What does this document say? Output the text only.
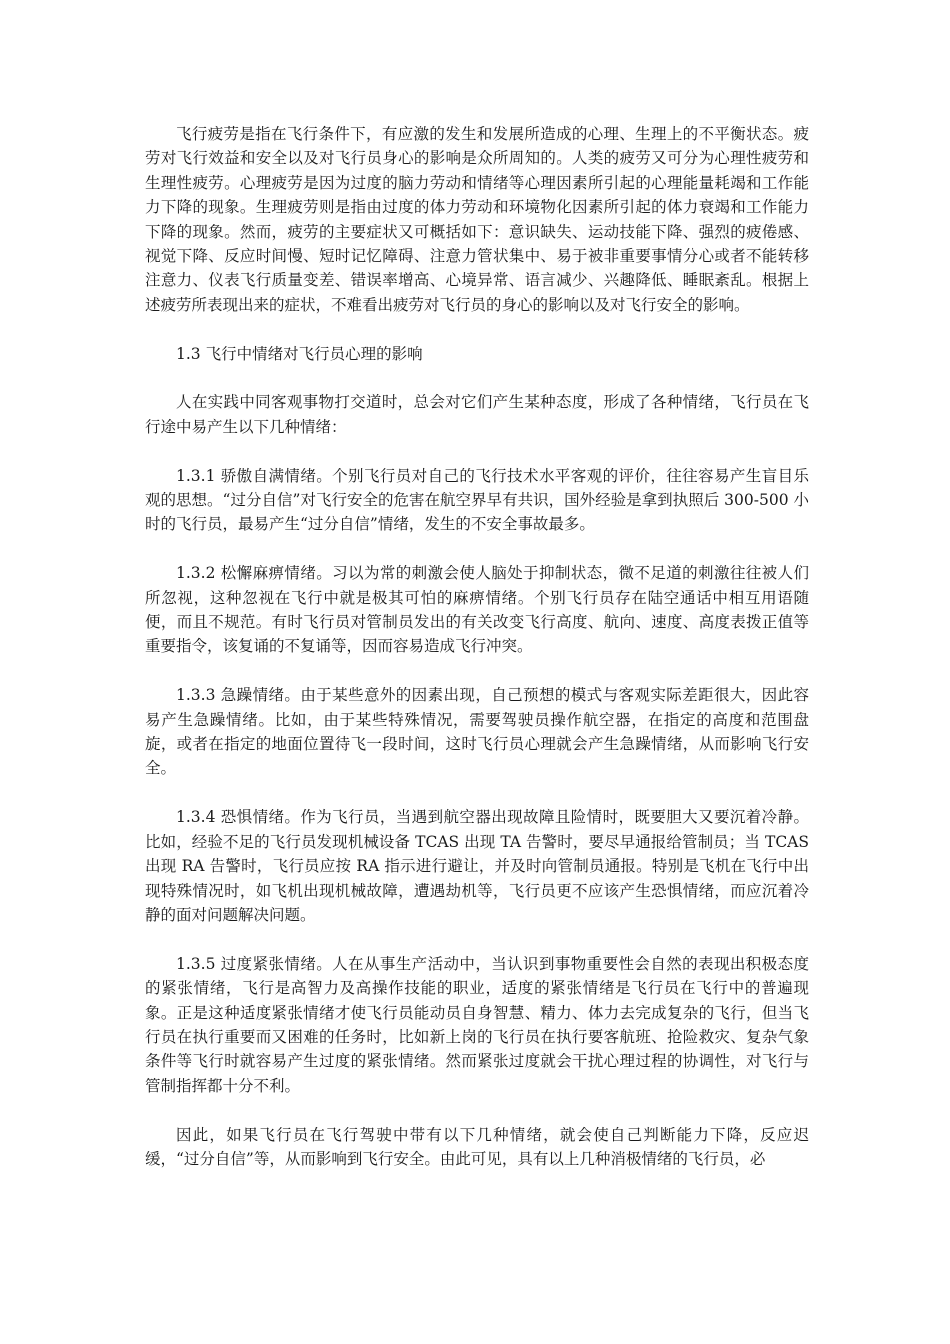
飞行疲劳是指在飞行条件下，有应激的发生和发展所造成的心理、生理上的不平衡状态。疲劳对飞行效益和安全以及对飞行员身心的影响是众所周知的。人类的疲劳又可分为心理性疲劳和生理性疲劳。心理疲劳是因为过度的脑力劳动和情绪等心理因素所引起的心理能量耗竭和工作能力下降的现象。生理疲劳则是指由过度的体力劳动和环境物化因素所引起的体力衰竭和工作能力下降的现象。然而，疲劳的主要症状又可概括如下：意识缺失、运动技能下降、强烈的疲倦感、视觉下降、反应时间慢、短时记忆障碍、注意力管状集中、易于被非重要事情分心或者不能转移注意力、仪表飞行质量变差、错误率增高、心境异常、语言减少、兴趣降低、睡眠紊乱。根据上述疲劳所表现出来的症状，不难看出疲劳对飞行员的身心的影响以及对飞行安全的影响。

1.3 飞行中情绪对飞行员心理的影响

人在实践中同客观事物打交道时，总会对它们产生某种态度，形成了各种情绪，飞行员在飞行途中易产生以下几种情绪：

1.3.1 骄傲自满情绪。个别飞行员对自己的飞行技术水平客观的评价，往往容易产生盲目乐观的思想。“过分自信”对飞行安全的危害在航空界早有共识，国外经验是拿到执照后 300-500 小时的飞行员，最易产生“过分自信”情绪，发生的不安全事故最多。

1.3.2 松懈麻痹情绪。习以为常的刺激会使人脑处于抑制状态，微不足道的刺激往往被人们所忽视，这种忽视在飞行中就是极其可怕的麻痹情绪。个别飞行员存在陆空通话中相互用语随便，而且不规范。有时飞行员对管制员发出的有关改变飞行高度、航向、速度、高度表拨正值等重要指令，该复诵的不复诵等，因而容易造成飞行冲突。

1.3.3 急躁情绪。由于某些意外的因素出现，自己预想的模式与客观实际差距很大，因此容易产生急躁情绪。比如，由于某些特殊情况，需要驾驶员操作航空器，在指定的高度和范围盘旋，或者在指定的地面位置待飞一段时间，这时飞行员心理就会产生急躁情绪，从而影响飞行安全。

1.3.4 恐惧情绪。作为飞行员，当遇到航空器出现故障且险情时，既要胆大又要沉着冷静。比如，经验不足的飞行员发现机械设备 TCAS 出现 TA 告警时，要尽早通报给管制员；当 TCAS 出现 RA 告警时，飞行员应按 RA 指示进行避让，并及时向管制员通报。特别是飞机在飞行中出现特殊情况时，如飞机出现机械故障，遭遇劫机等，飞行员更不应该产生恐惧情绪，而应沉着冷静的面对问题解决问题。

1.3.5 过度紧张情绪。人在从事生产活动中，当认识到事物重要性会自然的表现出积极态度的紧张情绪，飞行是高智力及高操作技能的职业，适度的紧张情绪是飞行员在飞行中的普遍现象。正是这种适度紧张情绪才使飞行员能动员自身智慧、精力、体力去完成复杂的飞行，但当飞行员在执行重要而又困难的任务时，比如新上岗的飞行员在执行要客航班、抢险救灾、复杂气象条件等飞行时就容易产生过度的紧张情绪。然而紧张过度就会干扰心理过程的协调性，对飞行与管制指挥都十分不利。

因此，如果飞行员在飞行驾驶中带有以下几种情绪，就会使自己判断能力下降，反应迟缓，“过分自信”等，从而影响到飞行安全。由此可见，具有以上几种消极情绪的飞行员，必
